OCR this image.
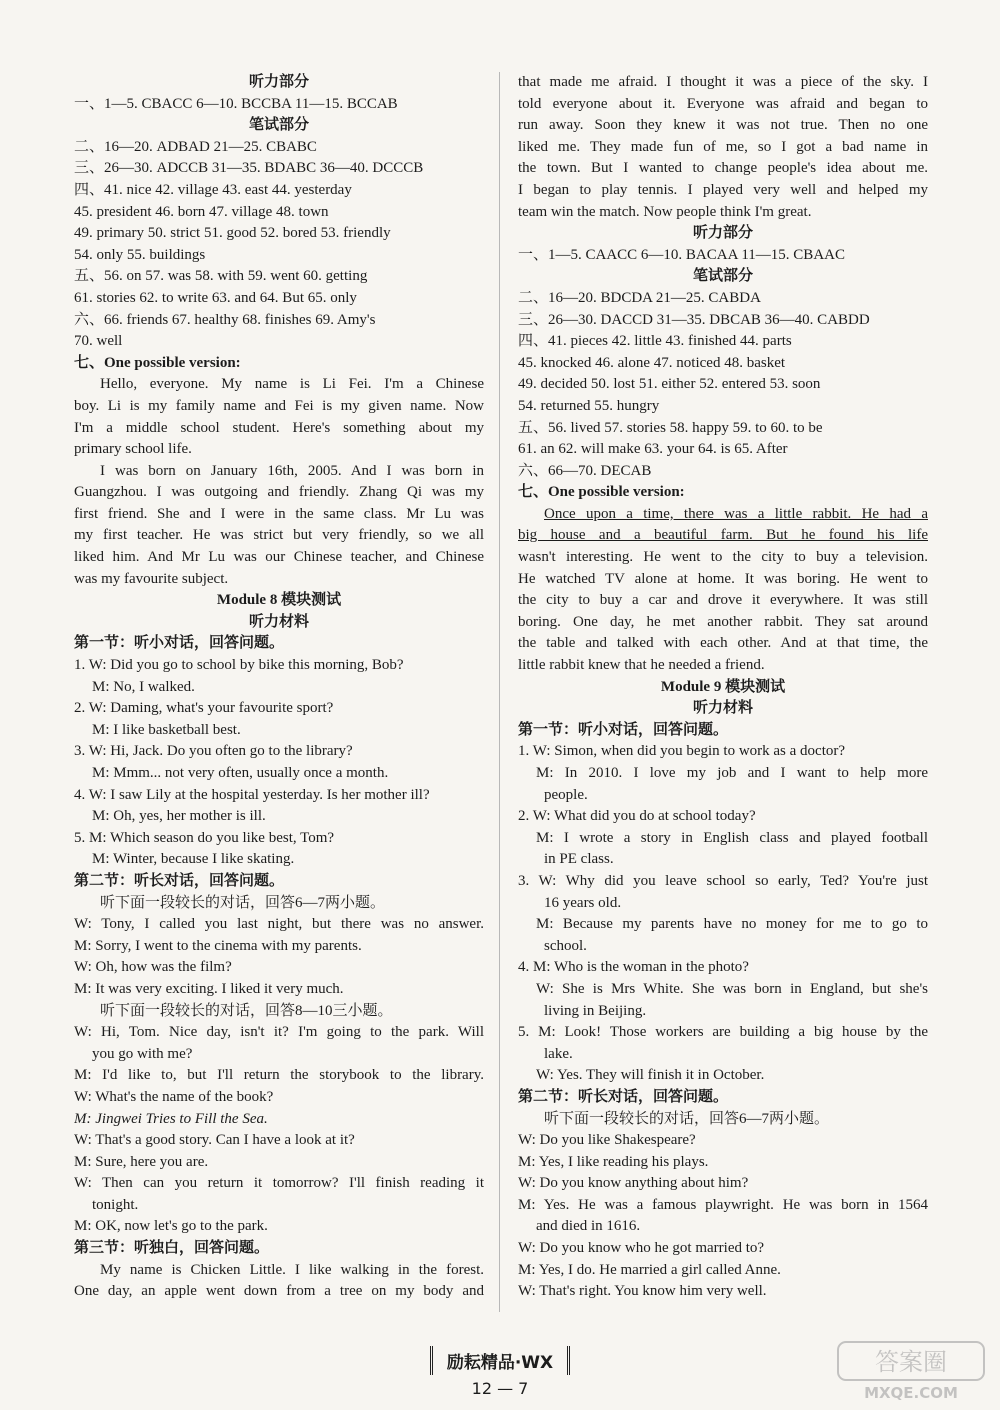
听力部分
一、1—5. CBACC 6—10. BCCBA 11—15. BCCAB
笔试部分
二、16—20. ADBAD 21—25. CBABC
三、26—30. ADCCB 31—35. BDABC 36—40. DCCCB
四、41. nice 42. village 43. east 44. yesterday
45. president 46. born 47. village 48. town
49. primary 50. strict 51. good 52. bored 53. friendly
54. only 55. buildings
五、56. on 57. was 58. with 59. went 60. getting
61. stories 62. to write 63. and 64. But 65. only
六、66. friends 67. healthy 68. finishes 69. Amy's
70. well
七、One possible version:
Hello, everyone. My name is Li Fei. I'm a Chinese
boy. Li is my family name and Fei is my given name. Now
I'm a middle school student. Here's something about my
primary school life.
I was born on January 16th, 2005. And I was born in
Guangzhou. I was outgoing and friendly. Zhang Qi was my
first friend. She and I were in the same class. Mr Lu was
my first teacher. He was strict but very friendly, so we all
liked him. And Mr Lu was our Chinese teacher, and Chinese
was my favourite subject.
Module 8 模块测试
听力材料
第一节：听小对话，回答问题。
1. W: Did you go to school by bike this morning, Bob?
M: No, I walked.
2. W: Daming, what's your favourite sport?
M: I like basketball best.
3. W: Hi, Jack. Do you often go to the library?
M: Mmm... not very often, usually once a month.
4. W: I saw Lily at the hospital yesterday. Is her mother ill?
M: Oh, yes, her mother is ill.
5. M: Which season do you like best, Tom?
M: Winter, because I like skating.
第二节：听长对话，回答问题。
听下面一段较长的对话，回答6—7两小题。
W: Tony, I called you last night, but there was no answer.
M: Sorry, I went to the cinema with my parents.
W: Oh, how was the film?
M: It was very exciting. I liked it very much.
听下面一段较长的对话，回答8—10三小题。
W: Hi, Tom. Nice day, isn't it? I'm going to the park. Will
you go with me?
M: I'd like to, but I'll return the storybook to the library.
W: What's the name of the book?
M: Jingwei Tries to Fill the Sea.
W: That's a good story. Can I have a look at it?
M: Sure, here you are.
W: Then can you return it tomorrow? I'll finish reading it
tonight.
M: OK, now let's go to the park.
第三节：听独白，回答问题。
My name is Chicken Little. I like walking in the forest.
One day, an apple went down from a tree on my body and
that made me afraid. I thought it was a piece of the sky. I
told everyone about it. Everyone was afraid and began to
run away. Soon they knew it was not true. Then no one
liked me. They made fun of me, so I got a bad name in
the town. But I wanted to change people's idea about me.
I began to play tennis. I played very well and helped my
team win the match. Now people think I'm great.
听力部分
一、1—5. CAACC 6—10. BACAA 11—15. CBAAC
笔试部分
二、16—20. BDCDA 21—25. CABDA
三、26—30. DACCD 31—35. DBCAB 36—40. CABDD
四、41. pieces 42. little 43. finished 44. parts
45. knocked 46. alone 47. noticed 48. basket
49. decided 50. lost 51. either 52. entered 53. soon
54. returned 55. hungry
五、56. lived 57. stories 58. happy 59. to 60. to be
61. an 62. will make 63. your 64. is 65. After
六、66—70. DECAB
七、One possible version:
Once upon a time, there was a little rabbit. He had a
big house and a beautiful farm. But he found his life
wasn't interesting. He went to the city to buy a television.
He watched TV alone at home. It was boring. He went to
the city to buy a car and drove it everywhere. It was still
boring. One day, he met another rabbit. They sat around
the table and talked with each other. And at that time, the
little rabbit knew that he needed a friend.
Module 9 模块测试
听力材料
第一节：听小对话，回答问题。
1. W: Simon, when did you begin to work as a doctor?
M: In 2010. I love my job and I want to help more
people.
2. W: What did you do at school today?
M: I wrote a story in English class and played football
in PE class.
3. W: Why did you leave school so early, Ted? You're just
16 years old.
M: Because my parents have no money for me to go to
school.
4. M: Who is the woman in the photo?
W: She is Mrs White. She was born in England, but she's
living in Beijing.
5. M: Look! Those workers are building a big house by the
lake.
W: Yes. They will finish it in October.
第二节：听长对话，回答问题。
听下面一段较长的对话，回答6—7两小题。
W: Do you like Shakespeare?
M: Yes, I like reading his plays.
W: Do you know anything about him?
M: Yes. He was a famous playwright. He was born in 1564
and died in 1616.
W: Do you know who he got married to?
M: Yes, I do. He married a girl called Anne.
W: That's right. You know him very well.
励耘精品·WX
12 — 7
答案圈
MXQE.COM
